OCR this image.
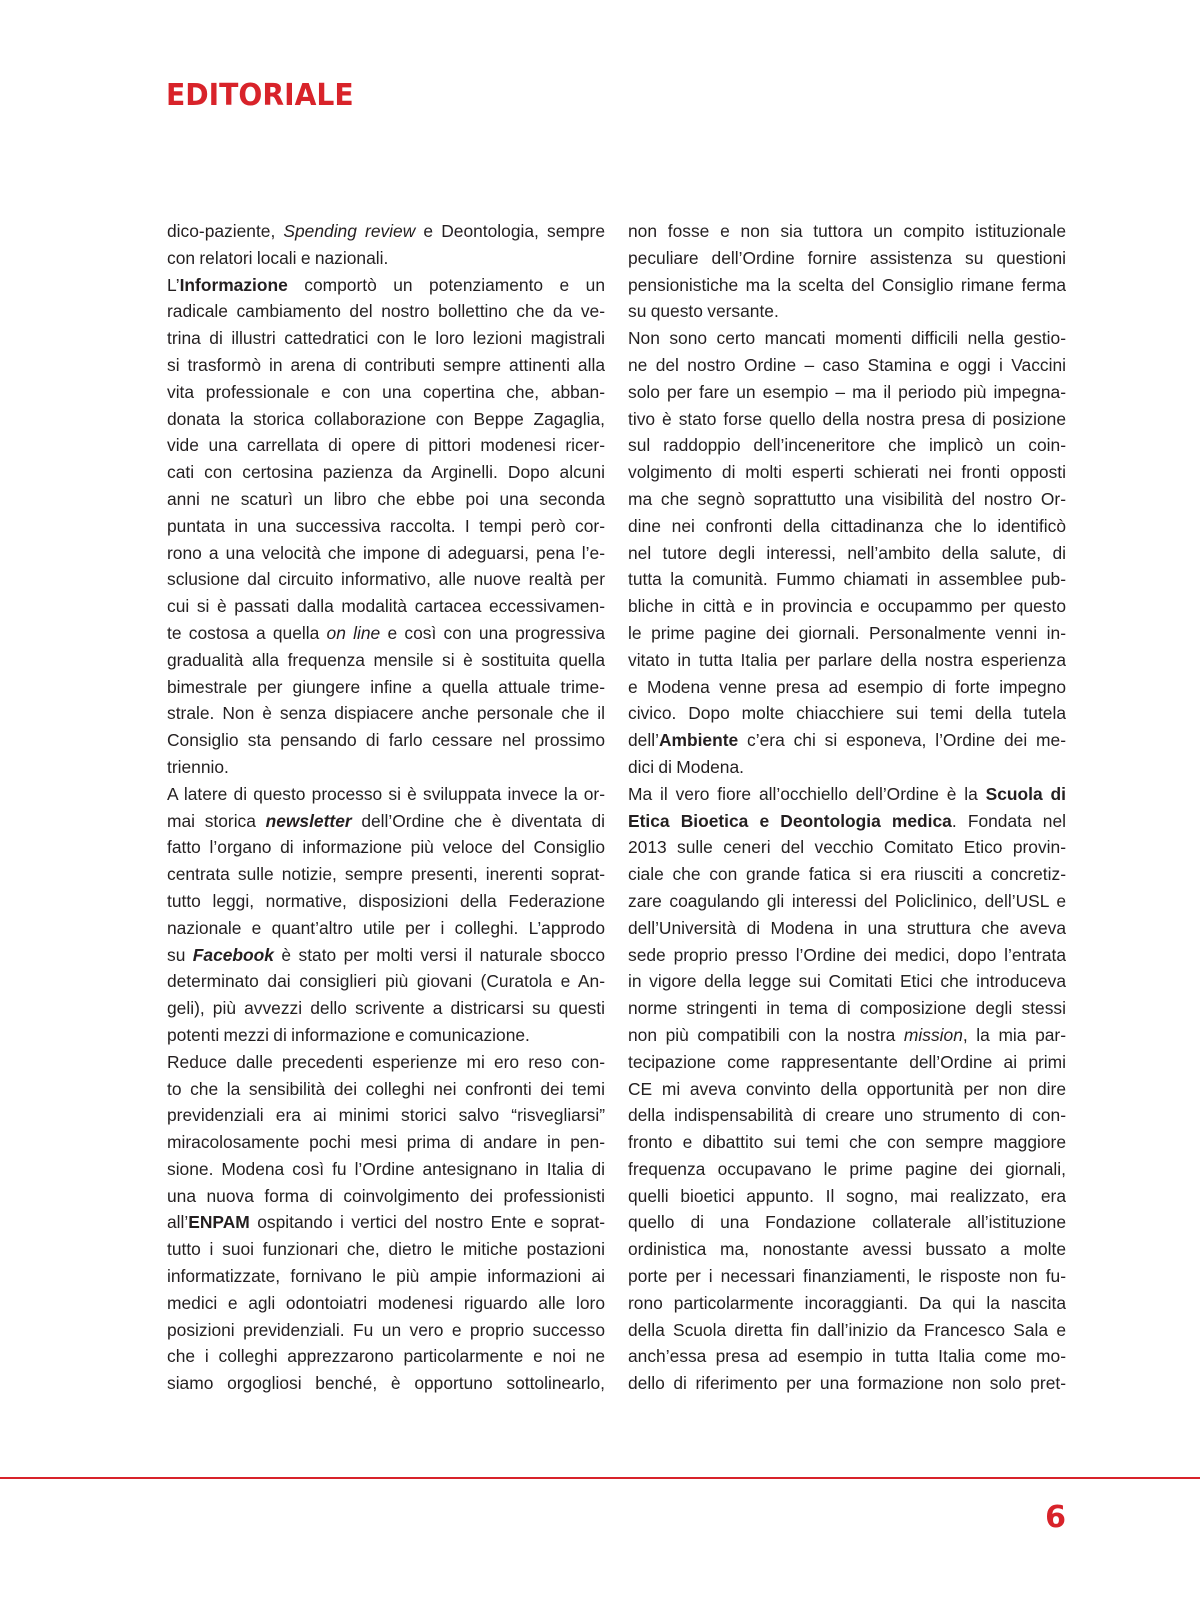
EDITORIALE
dico-paziente, Spending review e Deontologia, sempre
con relatori locali e nazionali.
L’Informazione comportò un potenziamento e un
radicale cambiamento del nostro bollettino che da ve-
trina di illustri cattedratici con le loro lezioni magistrali
si trasformò in arena di contributi sempre attinenti alla
vita professionale e con una copertina che, abban-
donata la storica collaborazione con Beppe Zagaglia,
vide una carrellata di opere di pittori modenesi ricer-
cati con certosina pazienza da Arginelli. Dopo alcuni
anni ne scaturì un libro che ebbe poi una seconda
puntata in una successiva raccolta. I tempi però cor-
rono a una velocità che impone di adeguarsi, pena l’e-
sclusione dal circuito informativo, alle nuove realtà per
cui si è passati dalla modalità cartacea eccessivamen-
te costosa a quella on line e così con una progressiva
gradualità alla frequenza mensile si è sostituita quella
bimestrale per giungere infine a quella attuale trime-
strale. Non è senza dispiacere anche personale che il
Consiglio sta pensando di farlo cessare nel prossimo
triennio.
A latere di questo processo si è sviluppata invece la or-
mai storica newsletter dell’Ordine che è diventata di
fatto l’organo di informazione più veloce del Consiglio
centrata sulle notizie, sempre presenti, inerenti soprat-
tutto leggi, normative, disposizioni della Federazione
nazionale e quant’altro utile per i colleghi. L’approdo
su Facebook è stato per molti versi il naturale sbocco
determinato dai consiglieri più giovani (Curatola e An-
geli), più avvezzi dello scrivente a districarsi su questi
potenti mezzi di informazione e comunicazione.
Reduce dalle precedenti esperienze mi ero reso con-
to che la sensibilità dei colleghi nei confronti dei temi
previdenziali era ai minimi storici salvo “risvegliarsi”
miracolosamente pochi mesi prima di andare in pen-
sione. Modena così fu l’Ordine antesignano in Italia di
una nuova forma di coinvolgimento dei professionisti
all’ENPAM ospitando i vertici del nostro Ente e soprat-
tutto i suoi funzionari che, dietro le mitiche postazioni
informatizzate, fornivano le più ampie informazioni ai
medici e agli odontoiatri modenesi riguardo alle loro
posizioni previdenziali. Fu un vero e proprio successo
che i colleghi apprezzarono particolarmente e noi ne
siamo orgogliosi benché, è opportuno sottolinearlo,
non fosse e non sia tuttora un compito istituzionale
peculiare dell’Ordine fornire assistenza su questioni
pensionistiche ma la scelta del Consiglio rimane ferma
su questo versante.
Non sono certo mancati momenti difficili nella gestio-
ne del nostro Ordine – caso Stamina e oggi i Vaccini
solo per fare un esempio – ma il periodo più impegna-
tivo è stato forse quello della nostra presa di posizione
sul raddoppio dell’inceneritore che implicò un coin-
volgimento di molti esperti schierati nei fronti opposti
ma che segnò soprattutto una visibilità del nostro Or-
dine nei confronti della cittadinanza che lo identificò
nel tutore degli interessi, nell’ambito della salute, di
tutta la comunità. Fummo chiamati in assemblee pub-
bliche in città e in provincia e occupammo per questo
le prime pagine dei giornali. Personalmente venni in-
vitato in tutta Italia per parlare della nostra esperienza
e Modena venne presa ad esempio di forte impegno
civico. Dopo molte chiacchiere sui temi della tutela
dell’Ambiente c’era chi si esponeva, l’Ordine dei me-
dici di Modena.
Ma il vero fiore all’occhiello dell’Ordine è la Scuola di
Etica Bioetica e Deontologia medica. Fondata nel
2013 sulle ceneri del vecchio Comitato Etico provin-
ciale che con grande fatica si era riusciti a concretiz-
zare coagulando gli interessi del Policlinico, dell’USL e
dell’Università di Modena in una struttura che aveva
sede proprio presso l’Ordine dei medici, dopo l’entrata
in vigore della legge sui Comitati Etici che introduceva
norme stringenti in tema di composizione degli stessi
non più compatibili con la nostra mission, la mia par-
tecipazione come rappresentante dell’Ordine ai primi
CE mi aveva convinto della opportunità per non dire
della indispensabilità di creare uno strumento di con-
fronto e dibattito sui temi che con sempre maggiore
frequenza occupavano le prime pagine dei giornali,
quelli bioetici appunto. Il sogno, mai realizzato, era
quello di una Fondazione collaterale all’istituzione
ordinistica ma, nonostante avessi bussato a molte
porte per i necessari finanziamenti, le risposte non fu-
rono particolarmente incoraggianti. Da qui la nascita
della Scuola diretta fin dall’inizio da Francesco Sala e
anch’essa presa ad esempio in tutta Italia come mo-
dello di riferimento per una formazione non solo pret-
6
